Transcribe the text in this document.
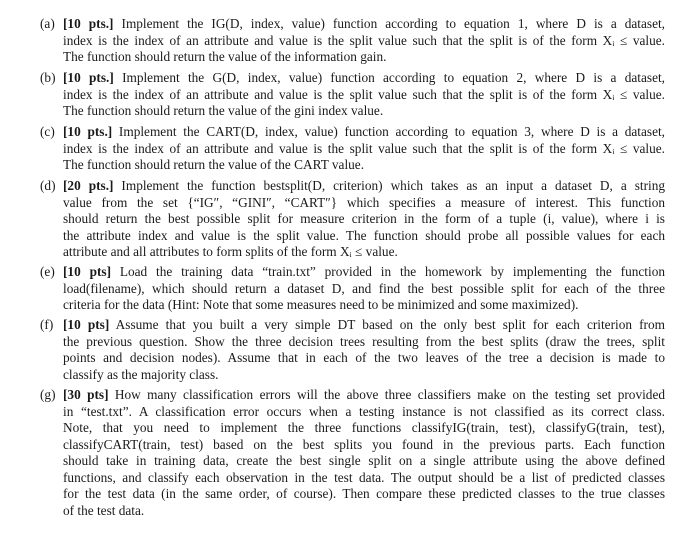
(a) [10 pts.] Implement the IG(D, index, value) function according to equation 1, where D is a dataset,
index is the index of an attribute and value is the split value such that the split is of the form Xᵢ ≤ value.
The function should return the value of the information gain.
(b) [10 pts.] Implement the G(D, index, value) function according to equation 2, where D is a dataset,
index is the index of an attribute and value is the split value such that the split is of the form Xᵢ ≤ value.
The function should return the value of the gini index value.
(c) [10 pts.] Implement the CART(D, index, value) function according to equation 3, where D is a dataset,
index is the index of an attribute and value is the split value such that the split is of the form Xᵢ ≤ value.
The function should return the value of the CART value.
(d) [20 pts.] Implement the function bestsplit(D, criterion) which takes as an input a dataset D, a string
value from the set {“IG″, “GINI″, “CART″} which specifies a measure of interest. This function
should return the best possible split for measure criterion in the form of a tuple (i, value), where i is
the attribute index and value is the split value. The function should probe all possible values for each
attribute and all attributes to form splits of the form Xᵢ ≤ value.
(e) [10 pts] Load the training data “train.txt” provided in the homework by implementing the function
load(filename), which should return a dataset D, and find the best possible split for each of the three
criteria for the data (Hint: Note that some measures need to be minimized and some maximized).
(f) [10 pts] Assume that you built a very simple DT based on the only best split for each criterion from
the previous question. Show the three decision trees resulting from the best splits (draw the trees, split
points and decision nodes). Assume that in each of the two leaves of the tree a decision is made to
classify as the majority class.
(g) [30 pts] How many classification errors will the above three classifiers make on the testing set provided
in “test.txt”. A classification error occurs when a testing instance is not classified as its correct class.
Note, that you need to implement the three functions classifyIG(train, test), classifyG(train, test),
classifyCART(train, test) based on the best splits you found in the previous parts. Each function
should take in training data, create the best single split on a single attribute using the above defined
functions, and classify each observation in the test data. The output should be a list of predicted classes
for the test data (in the same order, of course). Then compare these predicted classes to the true classes
of the test data.
